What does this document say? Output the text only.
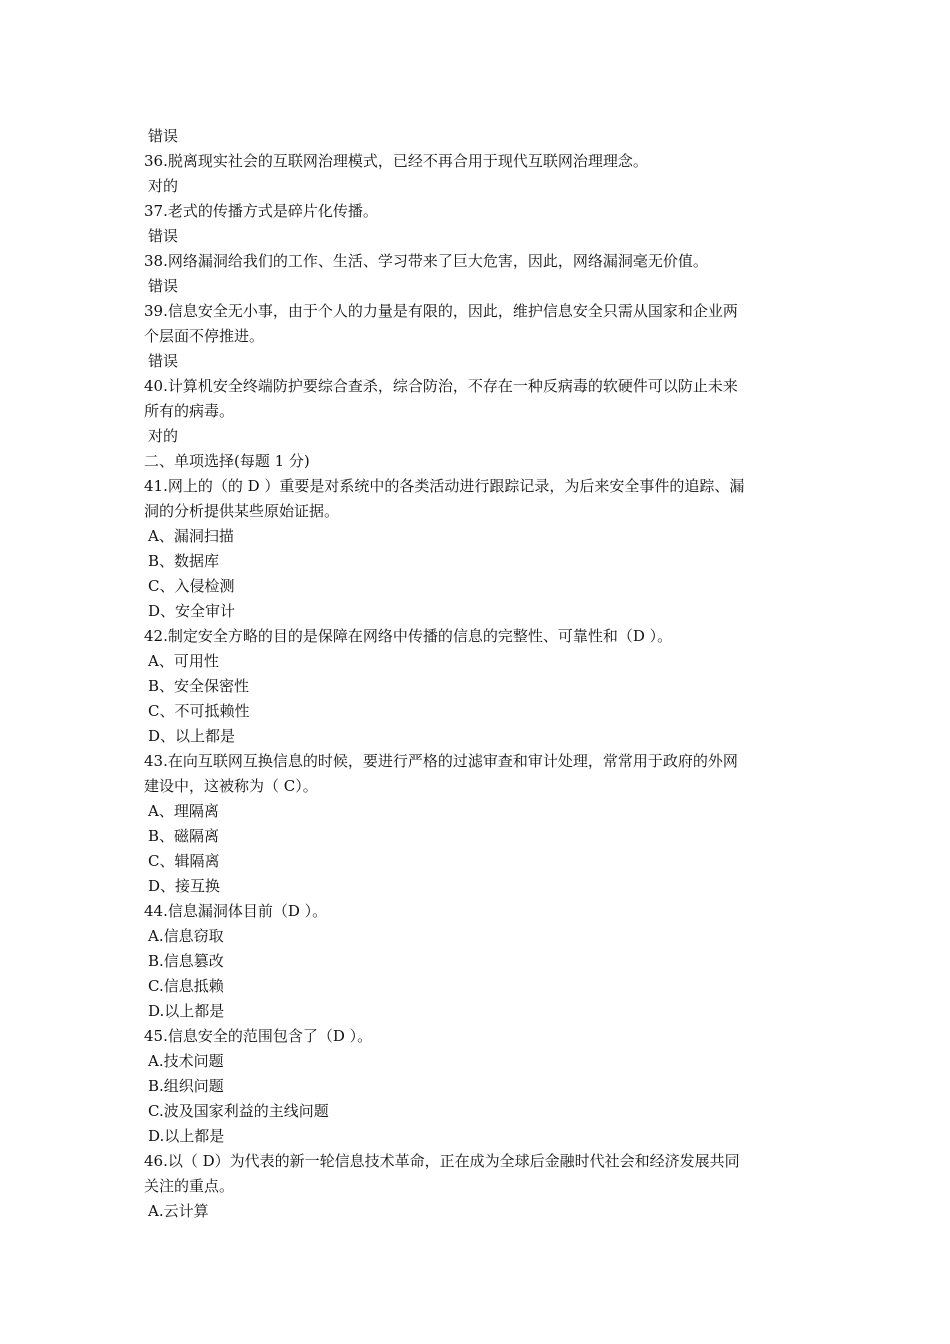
错误
36.脱离现实社会的互联网治理模式，已经不再合用于现代互联网治理理念。
对的
37.老式的传播方式是碎片化传播。
错误
38.网络漏洞给我们的工作、生活、学习带来了巨大危害，因此，网络漏洞毫无价值。
错误
39.信息安全无小事，由于个人的力量是有限的，因此，维护信息安全只需从国家和企业两
个层面不停推进。
错误
40.计算机安全终端防护要综合查杀，综合防治，不存在一种反病毒的软硬件可以防止未来
所有的病毒。
对的
二、单项选择(每题 1 分)
41.网上的（的 D ）重要是对系统中的各类活动进行跟踪记录，为后来安全事件的追踪、漏
洞的分析提供某些原始证据。
A、漏洞扫描
B、数据库
C、入侵检测
D、安全审计
42.制定安全方略的目的是保障在网络中传播的信息的完整性、可靠性和（D ）。
A、可用性
B、安全保密性
C、不可抵赖性
D、以上都是
43.在向互联网互换信息的时候，要进行严格的过滤审查和审计处理，常常用于政府的外网
建设中，这被称为（ C）。
A、理隔离
B、磁隔离
C、辑隔离
D、接互换
44.信息漏洞体目前（D ）。
A.信息窃取
B.信息篡改
C.信息抵赖
D.以上都是
45.信息安全的范围包含了（D ）。
A.技术问题
B.组织问题
C.波及国家利益的主线问题
D.以上都是
46.以（ D）为代表的新一轮信息技术革命，正在成为全球后金融时代社会和经济发展共同
关注的重点。
A.云计算
